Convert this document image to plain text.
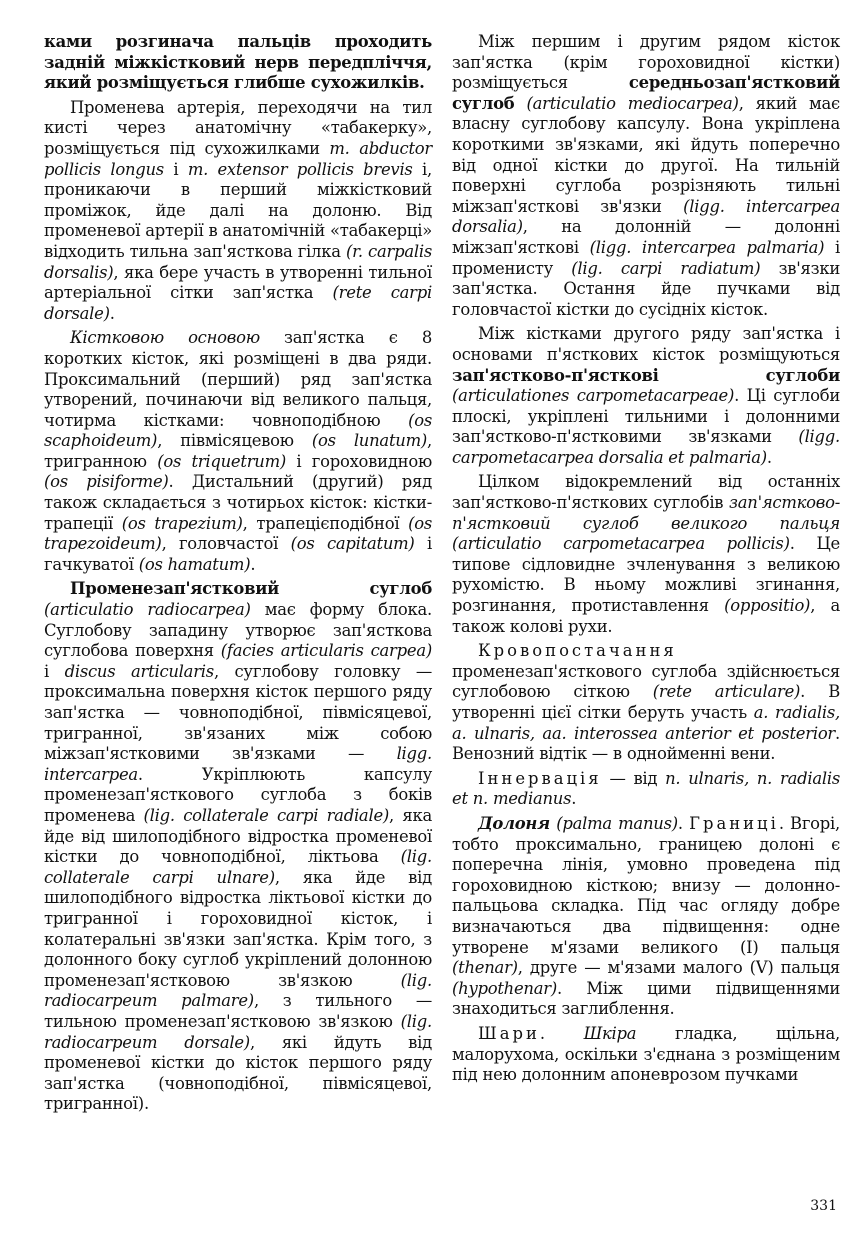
ками розгинача пальців проходить задній міжкістковий нерв передпліччя, який розміщується глибше сухожилків.

Променева артерія, переходячи на тил кисті через анатомічну «табакерку», розміщується під сухожилками m. abductor pollicis longus і m. extensor pollicis brevis і, проникаючи в перший міжкістковий проміжок, йде далі на долоню. Від променевої артерії в анатомічній «табакерці» відходить тильна зап'ясткова гілка (r. carpalis dorsalis), яка бере участь в утворенні тильної артеріальної сітки зап'ястка (rete carpi dorsale).

Кістковою основою зап'ястка є 8 коротких кісток, які розміщені в два ряди. Проксимальний (перший) ряд зап'ястка утворений, починаючи від великого пальця, чотирма кістками: човноподібною (os scaphoideum), півмісяцевою (os lunatum), тригранною (os triquetrum) і гороховидною (os pisiforme). Дистальний (другий) ряд також складається з чотирьох кісток: кістки-трапеції (os trapezium), трапецієподібної (os trapezoideum), головчастої (os capitatum) і гачкуватої (os hamatum).

Променезап'ястковий суглоб (articulatio radiocarpea) має форму блока. Суглобову западину утворює зап'ясткова суглобова поверхня (facies articularis carpea) і discus articularis, суглобову головку — проксимальна поверхня кісток першого ряду зап'ястка — човноподібної, півмісяцевої, тригранної, зв'язаних між собою міжзап'ястковими зв'язками — ligg. intercarpea. Укріплюють капсулу променезап'ясткового суглоба з боків променева (lig. collaterale carpi radiale), яка йде від шилоподібного відростка променевої кістки до човноподібної, ліктьова (lig. collaterale carpi ulnare), яка йде від шилоподібного відростка ліктьової кістки до тригранної і гороховидної кісток, і колатеральні зв'язки зап'ястка. Крім того, з долонного боку суглоб укріплений долонною променезап'ястковою зв'язкою (lig. radiocarpeum palmare), з тильного — тильною променезап'ястковою зв'язкою (lig. radiocarpeum dorsale), які йдуть від променевої кістки до кісток першого ряду зап'ястка (човноподібної, півмісяцевої, тригранної).

Між першим і другим рядом кісток зап'ястка (крім гороховидної кістки) розміщується середньозап'ястковий суглоб (articulatio mediocarpea), який має власну суглобову капсулу. Вона укріплена короткими зв'язками, які йдуть поперечно від одної кістки до другої. На тильній поверхні суглоба розрізняють тильні міжзап'ясткові зв'язки (ligg. intercarpea dorsalia), на долонній — долонні міжзап'ясткові (ligg. intercarpea palmaria) і променисту (lig. carpi radiatum) зв'язки зап'ястка. Остання йде пучками від головчастої кістки до сусідніх кісток.

Між кістками другого ряду зап'ястка і основами п'ясткових кісток розміщуються зап'ястково-п'ясткові суглоби (articulationes carpometacarpeae). Ці суглоби плоскі, укріплені тильними і долонними зап'ястково-п'ястковими зв'язками (ligg. carpometacarpea dorsalia et palmaria).

Цілком відокремлений від останніх зап'ястково-п'ясткових суглобів зап'ястково-п'ястковий суглоб великого пальця (articulatio carpometacarpea pollicis). Це типове сідловидне зчленування з великою рухомістю. В ньому можливі згинання, розгинання, протиставлення (oppositio), а також колові рухи.

Кровопостачання променезап'ясткового суглоба здійснюється суглобовою сіткою (rete articulare). В утворенні цієї сітки беруть участь a. radialis, a. ulnaris, aa. interossea anterior et posterior. Венозний відтік — в однойменні вени.

Іннервація — від n. ulnaris, n. radialis et n. medianus.

Долоня (palma manus). Границі. Вгорі, тобто проксимально, границею долоні є поперечна лінія, умовно проведена під гороховидною кісткою; внизу — долонно-пальцьова складка. Під час огляду добре визначаються два підвищення: одне утворене м'язами великого (I) пальця (thenar), друге — м'язами малого (V) пальця (hypothenar). Між цими підвищеннями знаходиться заглиблення.

Шари. Шкіра гладка, щільна, малорухома, оскільки з'єднана з розміщеним під нею долонним апоневрозом пучками

331
